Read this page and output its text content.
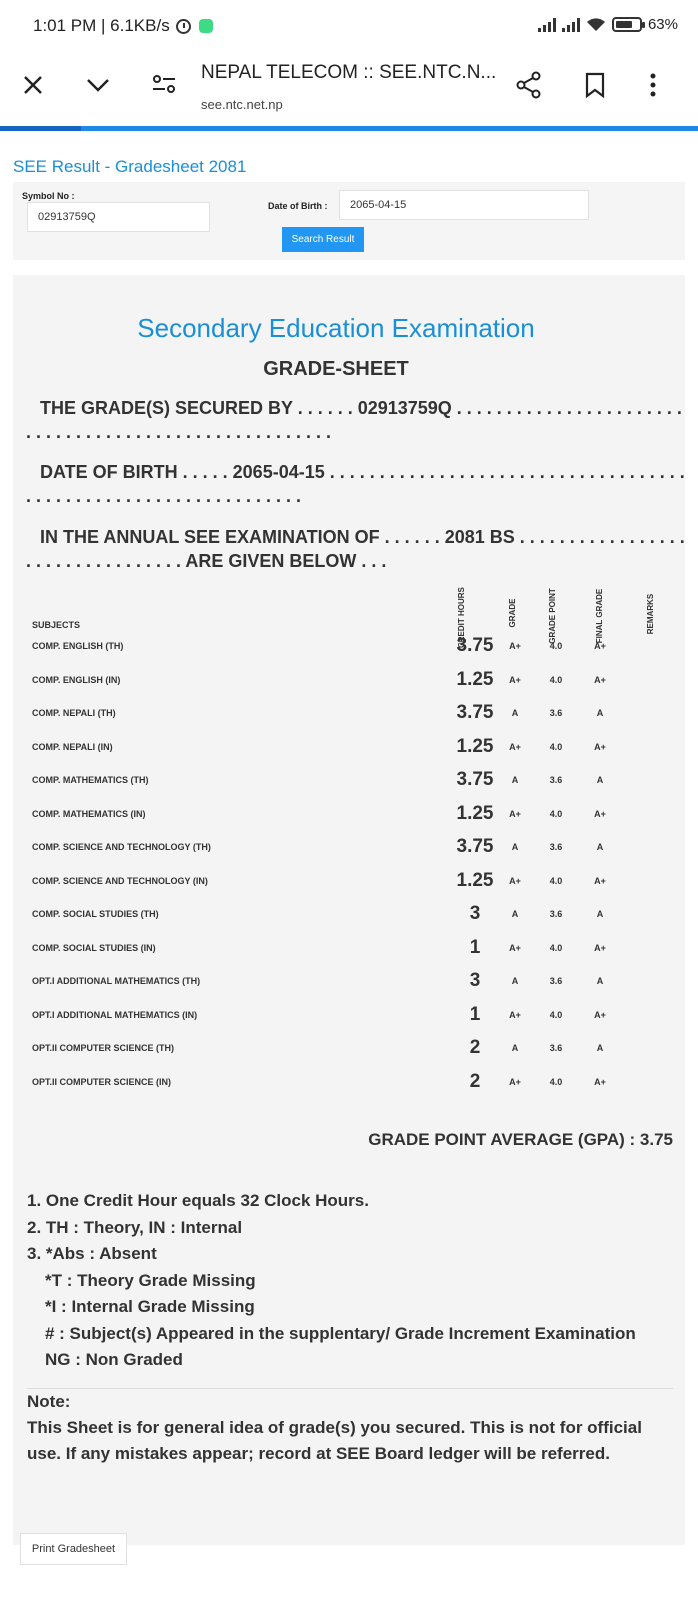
1:01 PM | 6.1KB/s	63%
NEPAL TELECOM :: SEE.NTC.N...
see.ntc.net.np
SEE Result - Gradesheet 2081
Symbol No :
02913759Q
Date of Birth :	2065-04-15
Search Result
Secondary Education Examination
GRADE-SHEET
THE GRADE(S) SECURED BY . . . . . . 02913759Q . . . . . . . . . . . . . . . . . . . . . . . . . . . . . . . . . . . . . . . . . . . . . . . . . . . . . .
DATE OF BIRTH . . . . . 2065-04-15 . . . . . . . . . . . . . . . . . . . . . . . . . . . . . . . . . . . . . . . . . . . . . . . . . . . . . . . . . . . . . . . .
IN THE ANNUAL SEE EXAMINATION OF . . . . . . 2081 BS . . . . . . . . . . . . . . . . . . . . . . . . . . . . . . . . . ARE GIVEN BELOW . . .
SUBJECTS	CREDIT HOURS	GRADE	GRADE POINT	FINAL GRADE	REMARKS
COMP. ENGLISH (TH)	3.75	A+	4.0	A+
COMP. ENGLISH (IN)	1.25	A+	4.0	A+
COMP. NEPALI (TH)	3.75	A	3.6	A
COMP. NEPALI (IN)	1.25	A+	4.0	A+
COMP. MATHEMATICS (TH)	3.75	A	3.6	A
COMP. MATHEMATICS (IN)	1.25	A+	4.0	A+
COMP. SCIENCE AND TECHNOLOGY (TH)	3.75	A	3.6	A
COMP. SCIENCE AND TECHNOLOGY (IN)	1.25	A+	4.0	A+
COMP. SOCIAL STUDIES (TH)	3	A	3.6	A
COMP. SOCIAL STUDIES (IN)	1	A+	4.0	A+
OPT.I ADDITIONAL MATHEMATICS (TH)	3	A	3.6	A
OPT.I ADDITIONAL MATHEMATICS (IN)	1	A+	4.0	A+
OPT.II COMPUTER SCIENCE (TH)	2	A	3.6	A
OPT.II COMPUTER SCIENCE (IN)	2	A+	4.0	A+
GRADE POINT AVERAGE (GPA) : 3.75
1. One Credit Hour equals 32 Clock Hours.
2. TH : Theory, IN : Internal
3. *Abs : Absent
*T : Theory Grade Missing
*I : Internal Grade Missing
# : Subject(s) Appeared in the supplentary/ Grade Increment Examination
NG : Non Graded
Note:
This Sheet is for general idea of grade(s) you secured. This is not for official use. If any mistakes appear; record at SEE Board ledger will be referred.
Print Gradesheet
